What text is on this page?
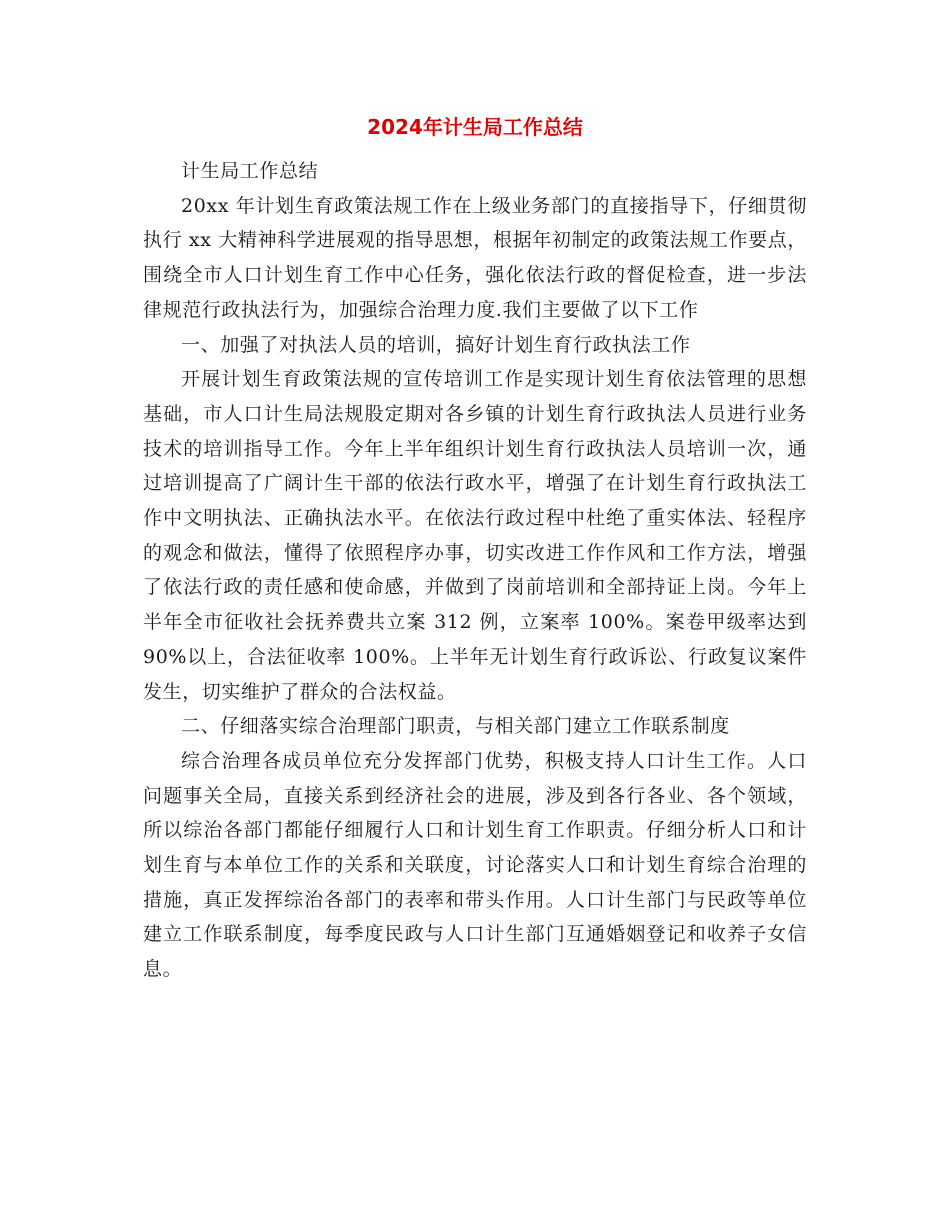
2024年计生局工作总结

计生局工作总结

20xx 年计划生育政策法规工作在上级业务部门的直接指导下，仔细贯彻执行 xx 大精神科学进展观的指导思想，根据年初制定的政策法规工作要点，围绕全市人口计划生育工作中心任务，强化依法行政的督促检查，进一步法律规范行政执法行为，加强综合治理力度.我们主要做了以下工作

一、加强了对执法人员的培训，搞好计划生育行政执法工作

开展计划生育政策法规的宣传培训工作是实现计划生育依法管理的思想基础，市人口计生局法规股定期对各乡镇的计划生育行政执法人员进行业务技术的培训指导工作。今年上半年组织计划生育行政执法人员培训一次，通过培训提高了广阔计生干部的依法行政水平，增强了在计划生育行政执法工作中文明执法、正确执法水平。在依法行政过程中杜绝了重实体法、轻程序的观念和做法，懂得了依照程序办事，切实改进工作作风和工作方法，增强了依法行政的责任感和使命感，并做到了岗前培训和全部持证上岗。今年上半年全市征收社会抚养费共立案 312 例，立案率 100%。案卷甲级率达到 90%以上，合法征收率 100%。上半年无计划生育行政诉讼、行政复议案件发生，切实维护了群众的合法权益。

二、仔细落实综合治理部门职责，与相关部门建立工作联系制度

综合治理各成员单位充分发挥部门优势，积极支持人口计生工作。人口问题事关全局，直接关系到经济社会的进展，涉及到各行各业、各个领域，所以综治各部门都能仔细履行人口和计划生育工作职责。仔细分析人口和计划生育与本单位工作的关系和关联度，讨论落实人口和计划生育综合治理的措施，真正发挥综治各部门的表率和带头作用。人口计生部门与民政等单位建立工作联系制度，每季度民政与人口计生部门互通婚姻登记和收养子女信息。
